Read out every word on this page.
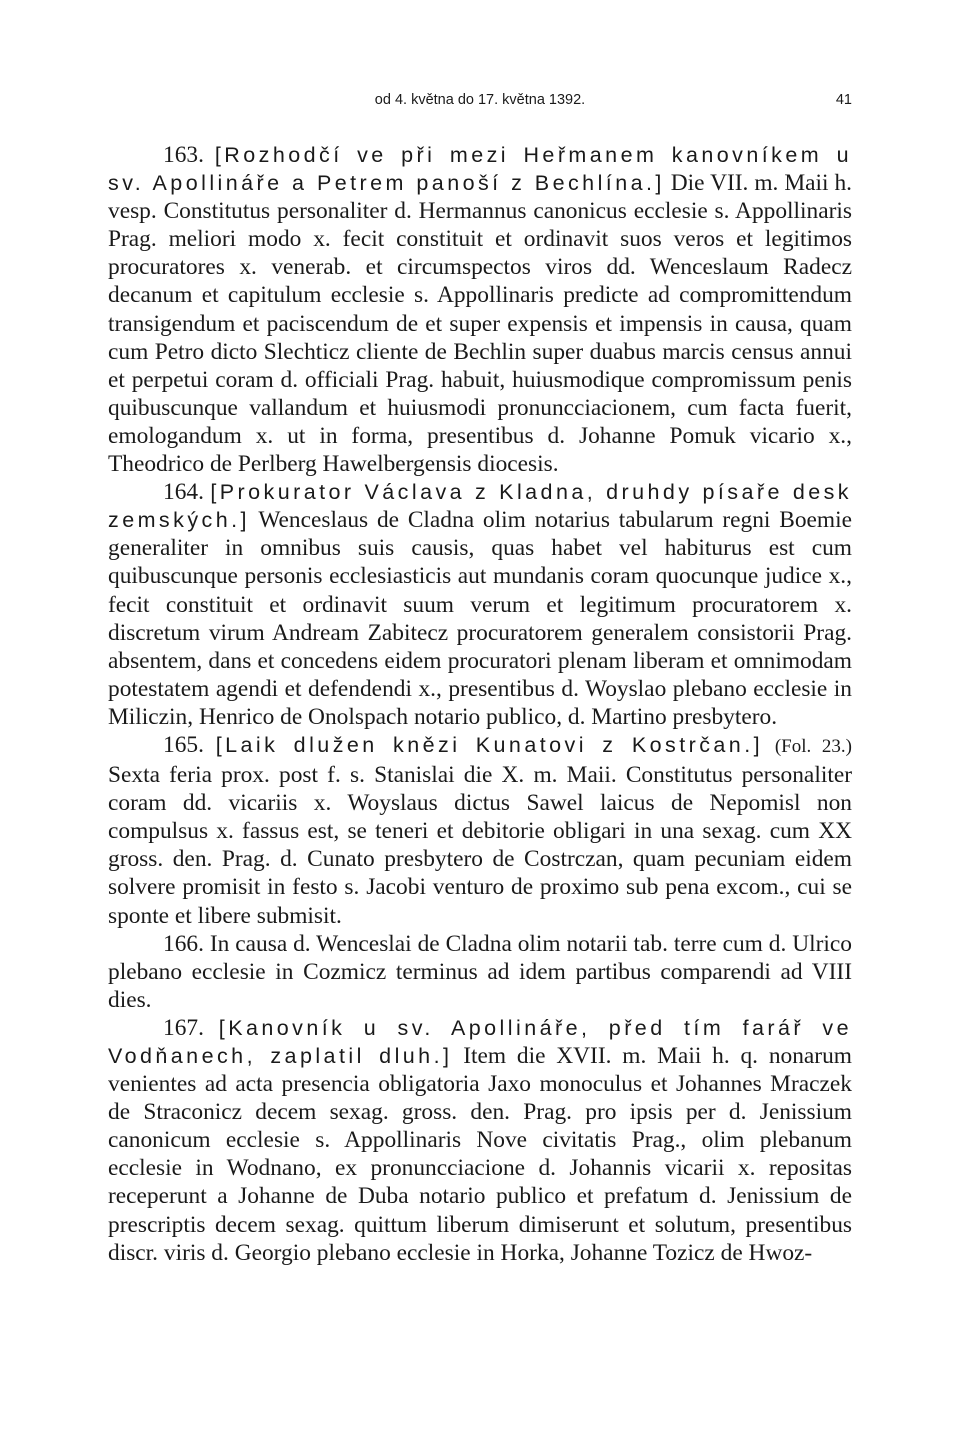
od 4. května do 17. května 1392.	41

163. [Rozhodčí ve při mezi Heřmanem kanovníkem u sv. Apollináře a Petrem panoší z Bechlína.] Die VII. m. Maii h. vesp. Constitutus personaliter d. Hermannus canonicus ecclesie s. Appollinaris Prag. meliori modo x. fecit constituit et ordinavit suos veros et legitimos procuratores x. venerab. et circumspectos viros dd. Wenceslaum Radecz decanum et capitulum ecclesie s. Appollinaris predicte ad compromittendum transigendum et paciscendum de et super expensis et impensis in causa, quam cum Petro dicto Slechticz cliente de Bechlin super duabus marcis census annui et perpetui coram d. officiali Prag. habuit, huiusmodique compromissum penis quibuscunque vallandum et huiusmodi pronuncciacionem, cum facta fuerit, emologandum x. ut in forma, presentibus d. Johanne Pomuk vicario x., Theodrico de Perlberg Hawelbergensis diocesis.

164. [Prokurator Václava z Kladna, druhdy písaře desk zemských.] Wenceslaus de Cladna olim notarius tabularum regni Boemie generaliter in omnibus suis causis, quas habet vel habiturus est cum quibuscunque personis ecclesiasticis aut mundanis coram quocunque judice x., fecit constituit et ordinavit suum verum et legitimum procuratorem x. discretum virum Andream Zabitecz procuratorem generalem consistorii Prag. absentem, dans et concedens eidem procuratori plenam liberam et omnimodam potestatem agendi et defendendi x., presentibus d. Woyslao plebano ecclesie in Miliczin, Henrico de Onolspach notario publico, d. Martino presbytero.

165. [Laik dlužen knězi Kunatovi z Kostrčan.] (Fol. 23.) Sexta feria prox. post f. s. Stanislai die X. m. Maii. Constitutus personaliter coram dd. vicariis x. Woyslaus dictus Sawel laicus de Nepomisl non compulsus x. fassus est, se teneri et debitorie obligari in una sexag. cum XX gross. den. Prag. d. Cunato presbytero de Costrczan, quam pecuniam eidem solvere promisit in festo s. Jacobi venturo de proximo sub pena excom., cui se sponte et libere submisit.

166. In causa d. Wenceslai de Cladna olim notarii tab. terre cum d. Ulrico plebano ecclesie in Cozmicz terminus ad idem partibus comparendi ad VIII dies.

167. [Kanovník u sv. Apollináře, před tím farář ve Vodňanech, zaplatil dluh.] Item die XVII. m. Maii h. q. nonarum venientes ad acta presencia obligatoria Jaxo monoculus et Johannes Mraczek de Straconicz decem sexag. gross. den. Prag. pro ipsis per d. Jenissium canonicum ecclesie s. Appollinaris Nove civitatis Prag., olim plebanum ecclesie in Wodnano, ex pronuncciacione d. Johannis vicarii x. repositas receperunt a Johanne de Duba notario publico et prefatum d. Jenissium de prescriptis decem sexag. quittum liberum dimiserunt et solutum, presentibus discr. viris d. Georgio plebano ecclesie in Horka, Johanne Tozicz de Hwoz-
